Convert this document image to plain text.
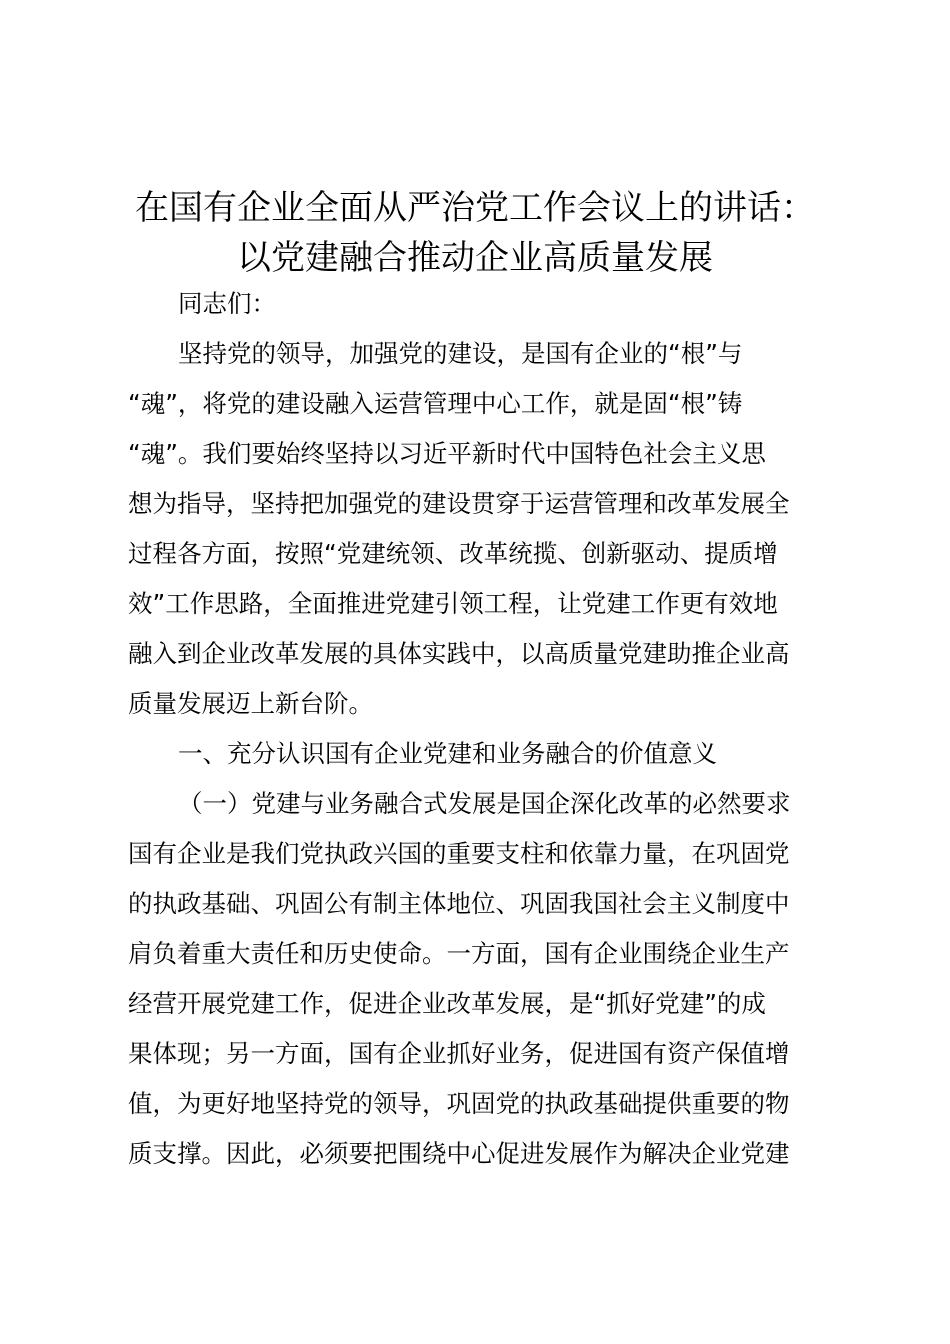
在国有企业全面从严治党工作会议上的讲话：
以党建融合推动企业高质量发展
同志们：
坚持党的领导，加强党的建设，是国有企业的“根”与
“魂”，将党的建设融入运营管理中心工作，就是固“根”铸
“魂”。我们要始终坚持以习近平新时代中国特色社会主义思
想为指导，坚持把加强党的建设贯穿于运营管理和改革发展全
过程各方面，按照“党建统领、改革统揽、创新驱动、提质增
效”工作思路，全面推进党建引领工程，让党建工作更有效地
融入到企业改革发展的具体实践中，以高质量党建助推企业高
质量发展迈上新台阶。
一、充分认识国有企业党建和业务融合的价值意义
（一）党建与业务融合式发展是国企深化改革的必然要求
国有企业是我们党执政兴国的重要支柱和依靠力量，在巩固党
的执政基础、巩固公有制主体地位、巩固我国社会主义制度中
肩负着重大责任和历史使命。一方面，国有企业围绕企业生产
经营开展党建工作，促进企业改革发展，是“抓好党建”的成
果体现；另一方面，国有企业抓好业务，促进国有资产保值增
值，为更好地坚持党的领导，巩固党的执政基础提供重要的物
质支撑。因此，必须要把围绕中心促进发展作为解决企业党建
